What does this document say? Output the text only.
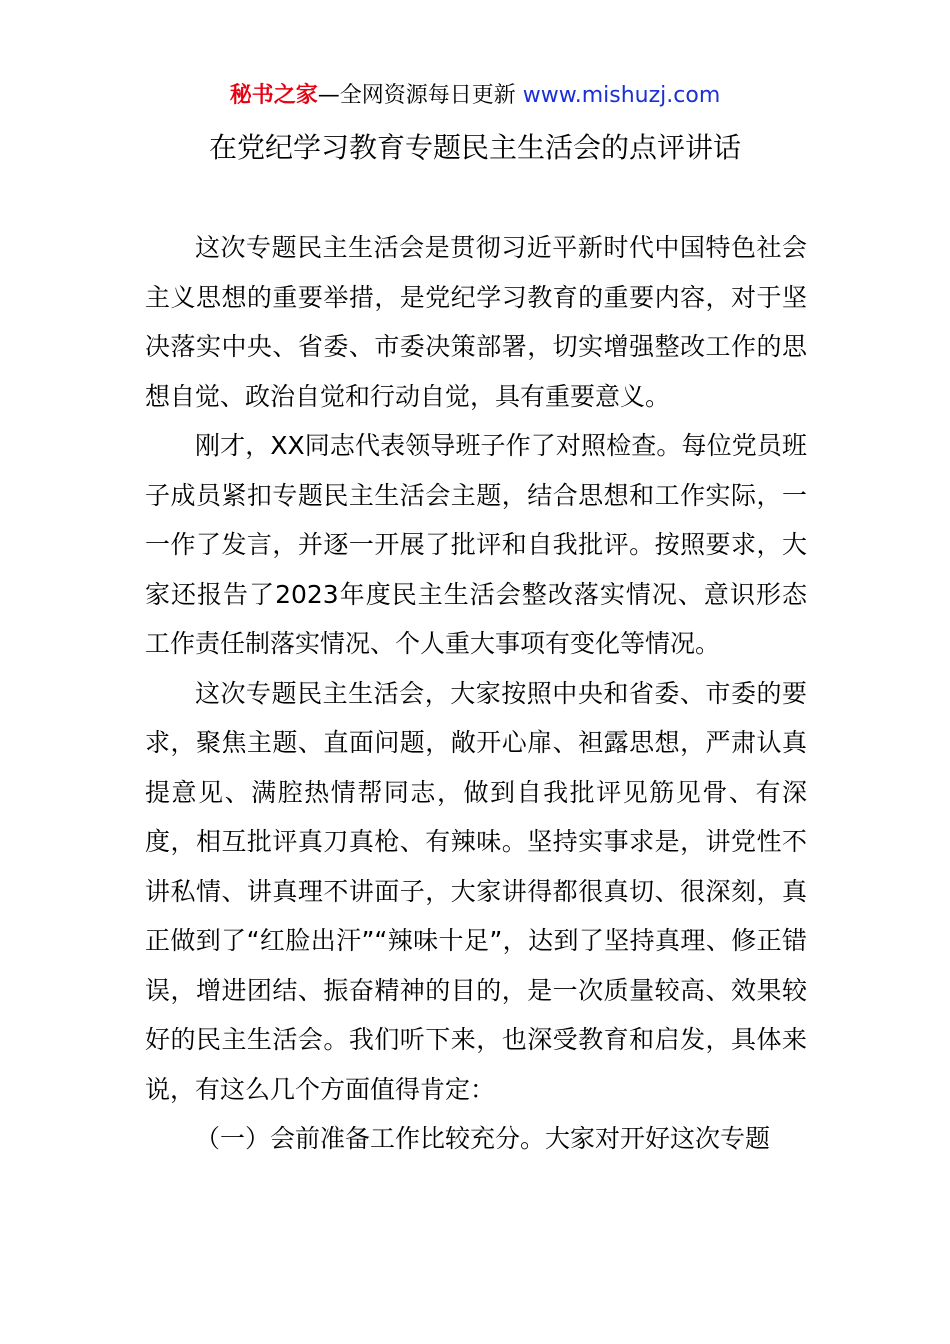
秘书之家—全网资源每日更新 www.mishuzj.com
在党纪学习教育专题民主生活会的点评讲话

这次专题民主生活会是贯彻习近平新时代中国特色社会主义思想的重要举措，是党纪学习教育的重要内容，对于坚决落实中央、省委、市委决策部署，切实增强整改工作的思想自觉、政治自觉和行动自觉，具有重要意义。

刚才，XX同志代表领导班子作了对照检查。每位党员班子成员紧扣专题民主生活会主题，结合思想和工作实际，一一作了发言，并逐一开展了批评和自我批评。按照要求，大家还报告了2023年度民主生活会整改落实情况、意识形态工作责任制落实情况、个人重大事项有变化等情况。

这次专题民主生活会，大家按照中央和省委、市委的要求，聚焦主题、直面问题，敞开心扉、袒露思想，严肃认真提意见、满腔热情帮同志，做到自我批评见筋见骨、有深度，相互批评真刀真枪、有辣味。坚持实事求是，讲党性不讲私情、讲真理不讲面子，大家讲得都很真切、很深刻，真正做到了“红脸出汗”“辣味十足”，达到了坚持真理、修正错误，增进团结、振奋精神的目的，是一次质量较高、效果较好的民主生活会。我们听下来，也深受教育和启发，具体来说，有这么几个方面值得肯定：

（一）会前准备工作比较充分。大家对开好这次专题
